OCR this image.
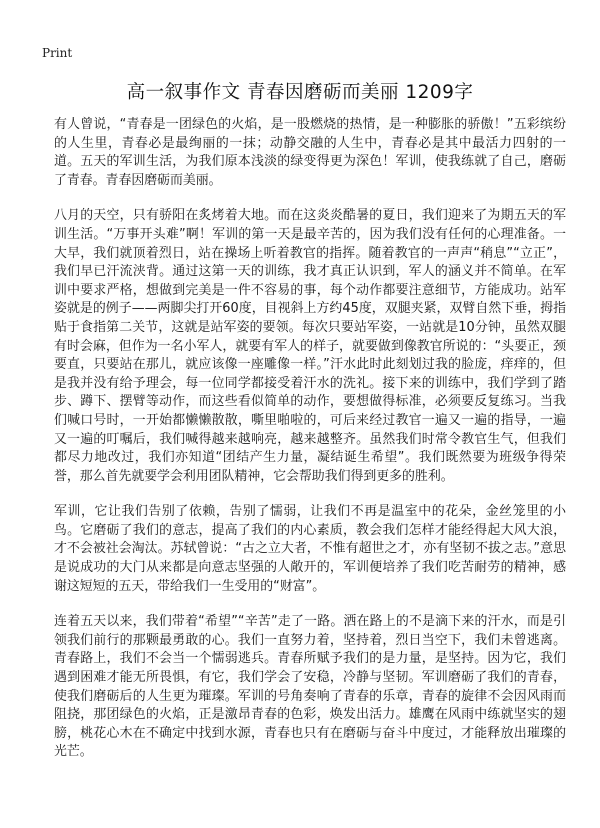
Print
高一叙事作文 青春因磨砺而美丽 1209字

有人曾说，“青春是一团绿色的火焰，是一股燃烧的热情，是一种膨胀的骄傲！”五彩缤纷的人生里，青春必是最绚丽的一抹；动静交融的人生中，青春必是其中最活力四射的一道。五天的军训生活，为我们原本浅淡的绿变得更为深色！军训，使我练就了自己，磨砺了青春。青春因磨砺而美丽。

八月的天空，只有骄阳在炙烤着大地。而在这炎炎酷暑的夏日，我们迎来了为期五天的军训生活。“万事开头难”啊！军训的第一天是最辛苦的，因为我们没有任何的心理准备。一大早，我们就顶着烈日，站在操场上听着教官的指挥。随着教官的一声声“稍息”“立正”，我们早已汗流浃背。通过这第一天的训练，我才真正认识到，军人的涵义并不简单。在军训中要求严格，想做到完美是一件不容易的事，每个动作都要注意细节，方能成功。站军姿就是的例子——两脚尖打开60度，目视斜上方约45度，双腿夹紧，双臂自然下垂，拇指贴于食指第二关节，这就是站军姿的要领。每次只要站军姿，一站就是10分钟，虽然双腿有时会麻，但作为一名小军人，就要有军人的样子，就要做到像教官所说的：“头要正，颈要直，只要站在那儿，就应该像一座雕像一样。”汗水此时此刻划过我的脸庞，痒痒的，但是我并没有给予理会，每一位同学都接受着汗水的洗礼。接下来的训练中，我们学到了踏步、蹲下、摆臂等动作，而这些看似简单的动作，要想做得标准，必须要反复练习。当我们喊口号时，一开始都懒懒散散，嘶里啪啦的，可后来经过教官一遍又一遍的指导，一遍又一遍的叮嘱后，我们喊得越来越响亮，越来越整齐。虽然我们时常令教官生气，但我们都尽力地改过，我们亦知道“团结产生力量，凝结诞生希望”。我们既然要为班级争得荣誉，那么首先就要学会利用团队精神，它会帮助我们得到更多的胜利。

军训，它让我们告别了依赖，告别了懦弱，让我们不再是温室中的花朵，金丝笼里的小鸟。它磨砺了我们的意志，提高了我们的内心素质，教会我们怎样才能经得起大风大浪，才不会被社会淘汰。苏轼曾说：“古之立大者，不惟有超世之才，亦有坚韧不拔之志。”意思是说成功的大门从来都是向意志坚强的人敞开的，军训便培养了我们吃苦耐劳的精神，感谢这短短的五天，带给我们一生受用的“财富”。

连着五天以来，我们带着“希望”“辛苦”走了一路。洒在路上的不是滴下来的汗水，而是引领我们前行的那颗最勇敢的心。我们一直努力着，坚持着，烈日当空下，我们未曾逃离。青春路上，我们不会当一个懦弱逃兵。青春所赋予我们的是力量，是坚持。因为它，我们遇到困难才能无所畏惧，有它，我们学会了安稳，冷静与坚韧。军训磨砺了我们的青春，使我们磨砺后的人生更为璀璨。军训的号角奏响了青春的乐章，青春的旋律不会因风雨而阻挠，那团绿色的火焰，正是激昂青春的色彩，焕发出活力。雄鹰在风雨中练就坚实的翅膀，桃花心木在不确定中找到水源，青春也只有在磨砺与奋斗中度过，才能释放出璀璨的光芒。
